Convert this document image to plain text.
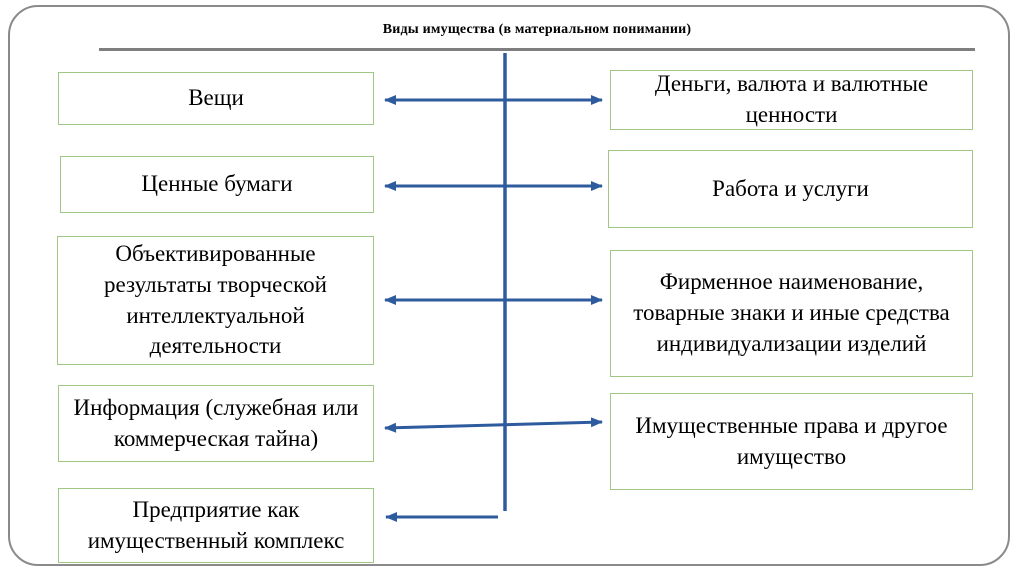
Виды имущества (в материальном понимании)
Вещи
Ценные бумаги
Объективированные результаты творческой интеллектуальной деятельности
Информация (служебная или коммерческая тайна)
Предприятие как имущественный комплекс
Деньги, валюта и валютные ценности
Работа и услуги
Фирменное наименование, товарные знаки и иные средства индивидуализации изделий
Имущественные права и другое имущество
